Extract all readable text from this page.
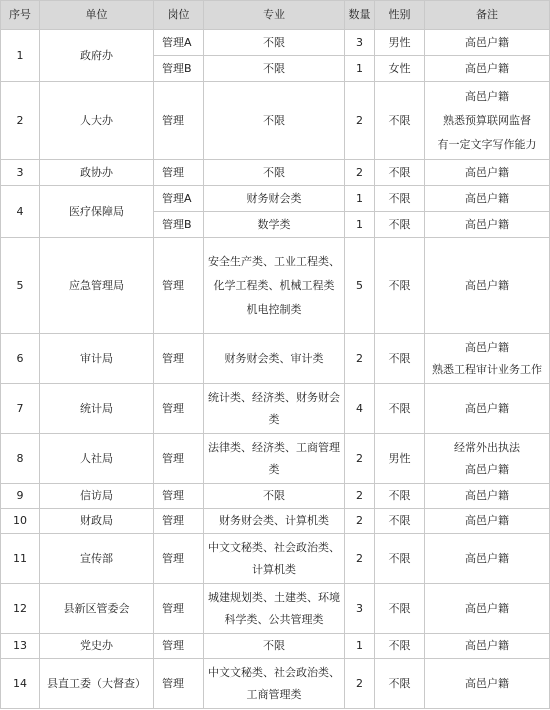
序号	单位	岗位	专业	数量	性别	备注
1	政府办	管理A	不限	3	男性	高邑户籍

		管理B	不限	1	女性	高邑户籍

2	人大办	管理	不限	2	不限	高邑户籍
熟悉预算联网监督
有一定文字写作能力

3	政协办	管理	不限	2	不限	高邑户籍

4	医疗保障局	管理A	财务财会类	1	不限	高邑户籍

		管理B	数学类	1	不限	高邑户籍

5	应急管理局	管理	安全生产类、工业工程类、
化学工程类、机械工程类
机电控制类	5	不限	高邑户籍

6	审计局	管理	财务财会类、审计类	2	不限	高邑户籍
熟悉工程审计业务工作

7	统计局	管理	统计类、经济类、财务财会
类	4	不限	高邑户籍

8	人社局	管理	法律类、经济类、工商管理
类	2	男性	经常外出执法
高邑户籍

9	信访局	管理	不限	2	不限	高邑户籍

10	财政局	管理	财务财会类、计算机类	2	不限	高邑户籍

11	宣传部	管理	中文文秘类、社会政治类、
计算机类	2	不限	高邑户籍

12	县新区管委会	管理	城建规划类、土建类、环境
科学类、公共管理类	3	不限	高邑户籍

13	党史办	管理	不限	1	不限	高邑户籍

14	县直工委（大督查）	管理	中文文秘类、社会政治类、
工商管理类	2	不限	高邑户籍
